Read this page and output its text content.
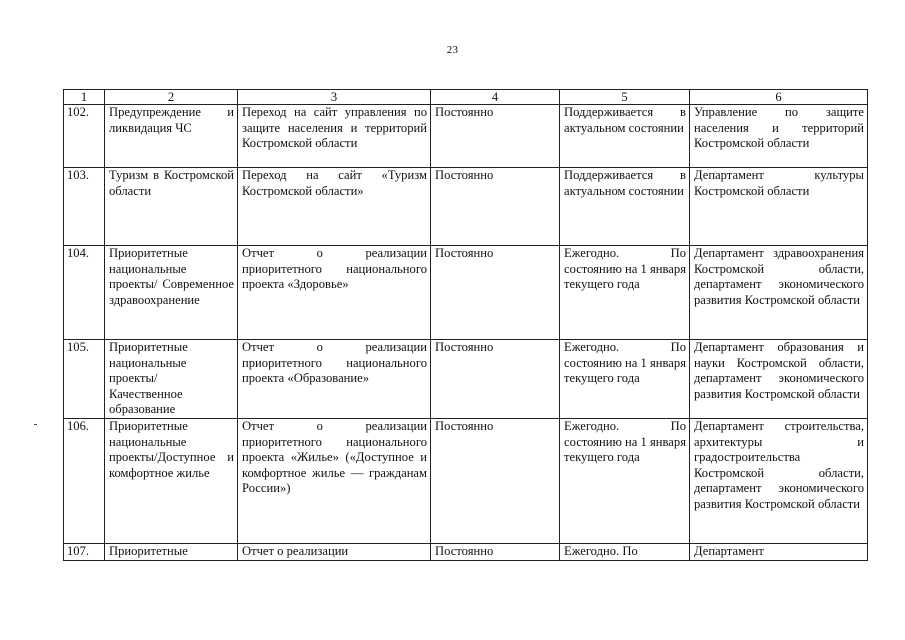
23
1	2	3	4	5	6
102.	Предупреждение и ликвидация ЧС	Переход на сайт управления по защите населения и территорий Костромской области	Постоянно	Поддерживается в актуальном состоянии	Управление по защите населения и территорий Костромской области
103.	Туризм в Костромской области	Переход на сайт «Туризм Костромской области»	Постоянно	Поддерживается в актуальном состоянии	Департамент культуры Костромской области
104.	Приоритетные национальные проекты/ Современное здравоохранение	Отчет о реализации приоритетного национального проекта «Здоровье»	Постоянно	Ежегодно. По состоянию на 1 января текущего года	Департамент здравоохранения Костромской области, департамент экономического развития Костромской области
105.	Приоритетные национальные проекты/ Качественное образование	Отчет о реализации приоритетного национального проекта «Образование»	Постоянно	Ежегодно. По состоянию на 1 января текущего года	Департамент образования и науки Костромской области, департамент экономического развития Костромской области
106.	Приоритетные национальные проекты/Доступное и комфортное жилье	Отчет о реализации приоритетного национального проекта «Жилье» («Доступное и комфортное жилье — гражданам России»)	Постоянно	Ежегодно. По состоянию на 1 января текущего года	Департамент строительства, архитектуры и градостроительства Костромской области, департамент экономического развития Костромской области
107.	Приоритетные	Отчет о реализации	Постоянно	Ежегодно. По	Департамент
